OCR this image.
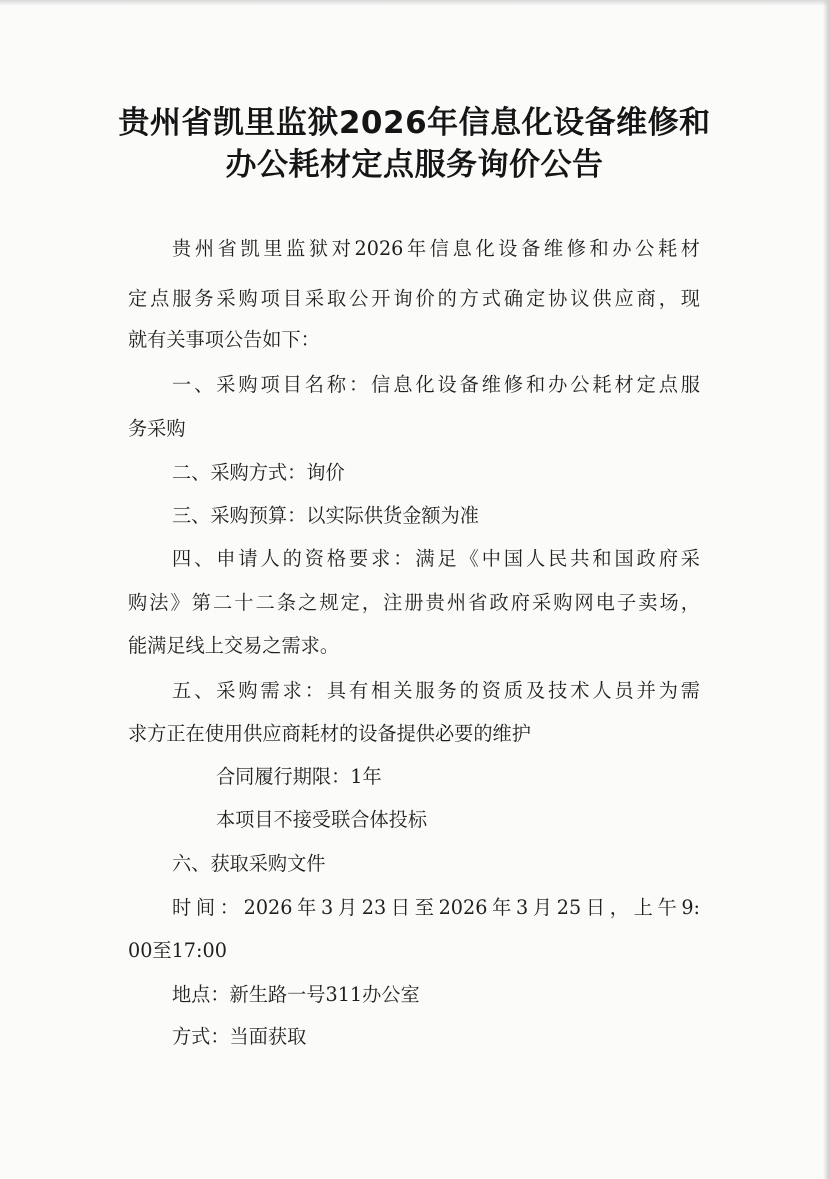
贵州省凯里监狱2026年信息化设备维修和
办公耗材定点服务询价公告
贵州省凯里监狱对2026年信息化设备维修和办公耗材
定点服务采购项目采取公开询价的方式确定协议供应商，现
就有关事项公告如下：
一、采购项目名称：信息化设备维修和办公耗材定点服
务采购
二、采购方式：询价
三、采购预算：以实际供货金额为准
四、申请人的资格要求：满足《中国人民共和国政府采
购法》第二十二条之规定，注册贵州省政府采购网电子卖场，
能满足线上交易之需求。
五、采购需求：具有相关服务的资质及技术人员并为需
求方正在使用供应商耗材的设备提供必要的维护
合同履行期限：1年
本项目不接受联合体投标
六、获取采购文件
时间：2026年3月23日至2026年3月25日，上午9:
00至17:00
地点：新生路一号311办公室
方式：当面获取
